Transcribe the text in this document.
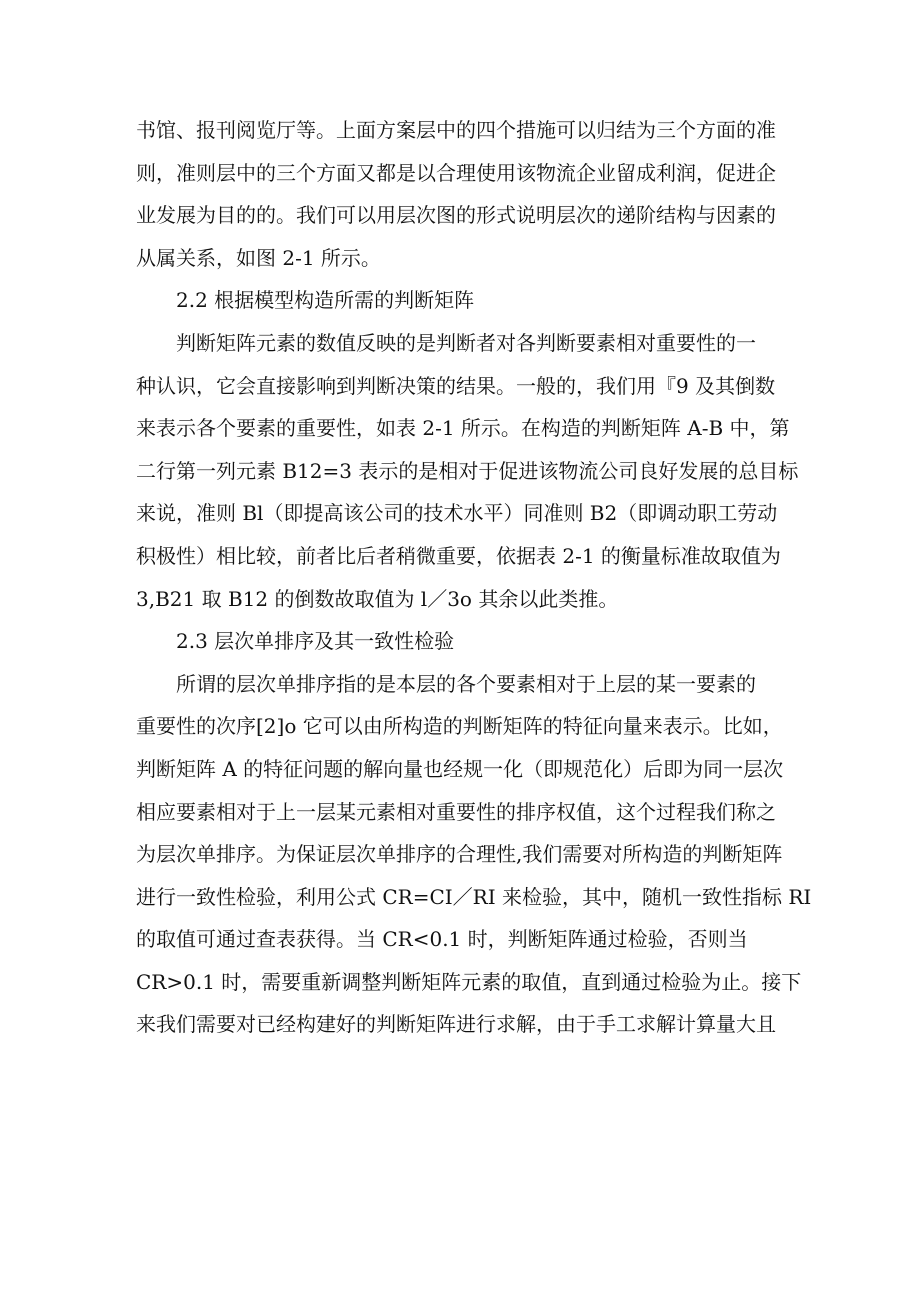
书馆、报刊阅览厅等。上面方案层中的四个措施可以归结为三个方面的准
则，准则层中的三个方面又都是以合理使用该物流企业留成利润，促进企
业发展为目的的。我们可以用层次图的形式说明层次的递阶结构与因素的
从属关系，如图 2-1 所示。
2.2 根据模型构造所需的判断矩阵
判断矩阵元素的数值反映的是判断者对各判断要素相对重要性的一
种认识，它会直接影响到判断决策的结果。一般的，我们用『9 及其倒数
来表示各个要素的重要性，如表 2-1 所示。在构造的判断矩阵 A-B 中，第
二行第一列元素 B12=3 表示的是相对于促进该物流公司良好发展的总目标
来说，准则 Bl（即提高该公司的技术水平）同准则 B2（即调动职工劳动
积极性）相比较，前者比后者稍微重要，依据表 2-1 的衡量标准故取值为
3,B21 取 B12 的倒数故取值为 l／3o 其余以此类推。
2.3 层次单排序及其一致性检验
所谓的层次单排序指的是本层的各个要素相对于上层的某一要素的
重要性的次序[2]o 它可以由所构造的判断矩阵的特征向量来表示。比如，
判断矩阵 A 的特征问题的解向量也经规一化（即规范化）后即为同一层次
相应要素相对于上一层某元素相对重要性的排序权值，这个过程我们称之
为层次单排序。为保证层次单排序的合理性,我们需要对所构造的判断矩阵
进行一致性检验，利用公式 CR=CI／RI 来检验，其中，随机一致性指标 RI
的取值可通过查表获得。当 CR<0.1 时，判断矩阵通过检验，否则当
CR>0.1 时，需要重新调整判断矩阵元素的取值，直到通过检验为止。接下
来我们需要对已经构建好的判断矩阵进行求解，由于手工求解计算量大且
